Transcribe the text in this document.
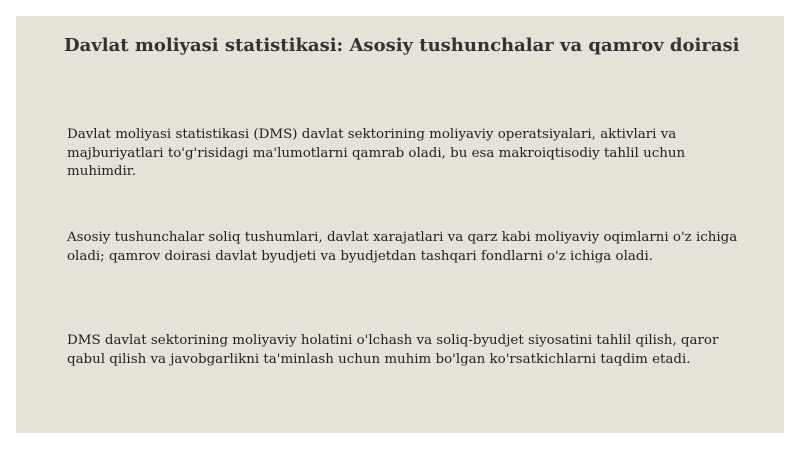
Davlat moliyasi statistikasi: Asosiy tushunchalar va qamrov doirasi

Davlat moliyasi statistikasi (DMS) davlat sektorining moliyaviy operatsiyalari, aktivlari va majburiyatlari to'g'risidagi ma'lumotlarni qamrab oladi, bu esa makroiqtisodiy tahlil uchun muhimdir.

Asosiy tushunchalar soliq tushumlari, davlat xarajatlari va qarz kabi moliyaviy oqimlarni o'z ichiga oladi; qamrov doirasi davlat byudjeti va byudjetdan tashqari fondlarni o'z ichiga oladi.

DMS davlat sektorining moliyaviy holatini o'lchash va soliq-byudjet siyosatini tahlil qilish, qaror qabul qilish va javobgarlikni ta'minlash uchun muhim bo'lgan ko'rsatkichlarni taqdim etadi.
